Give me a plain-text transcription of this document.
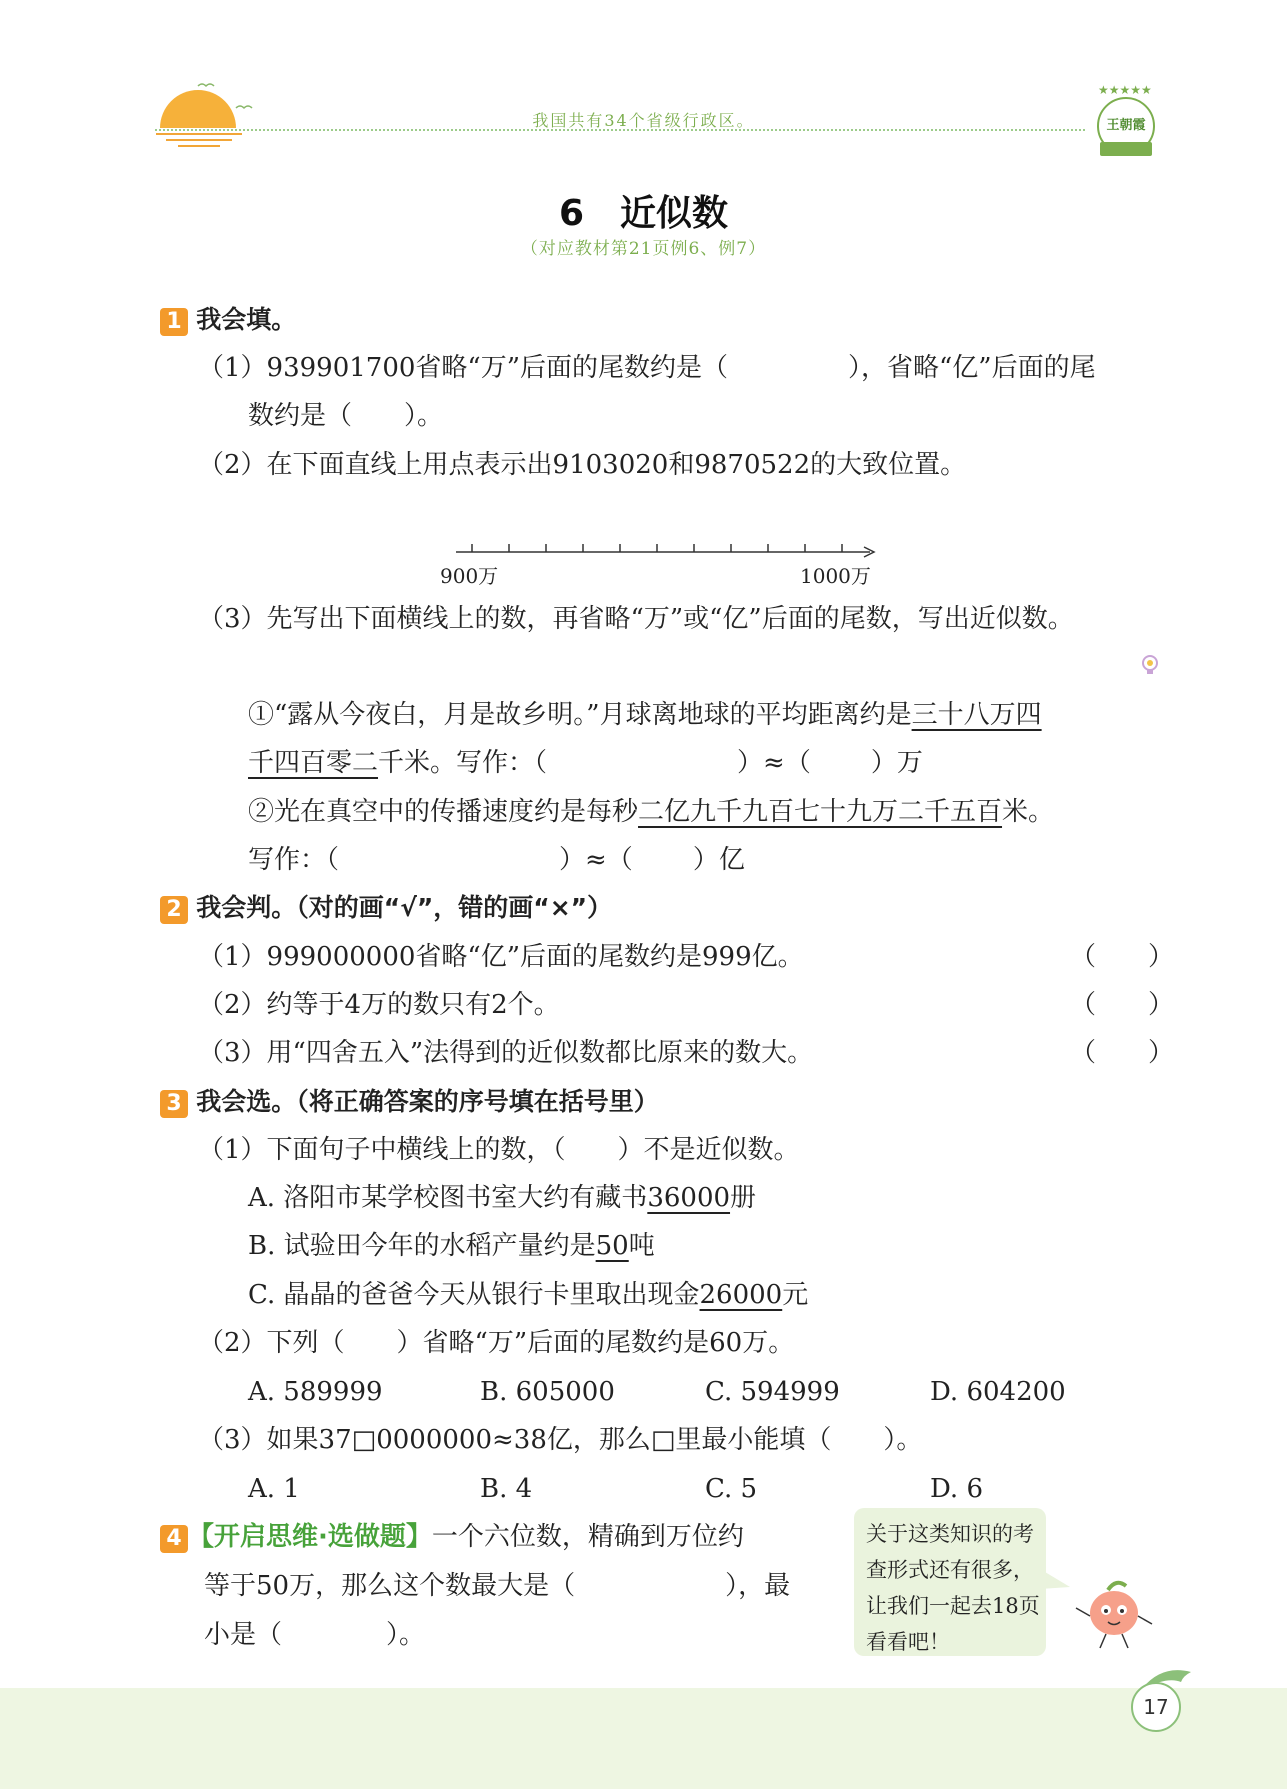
我国共有34个省级行政区。
★★★★★
王朝霞
6　近似数
（对应教材第21页例6、例7）
1 我会填。
（1）939901700省略“万”后面的尾数约是（	），省略“亿”后面的尾
数约是（　　）。
（2）在下面直线上用点表示出9103020和9870522的大致位置。
900万	1000万
（3）先写出下面横线上的数，再省略“万”或“亿”后面的尾数，写出近似数。
①“露从今夜白，月是故乡明。”月球离地球的平均距离约是三十八万四
千四百零二千米。写作：（	）≈（ ）万
②光在真空中的传播速度约是每秒二亿九千九百七十九万二千五百米。
写作：（	）≈（ ）亿
2 我会判。（对的画“√”，错的画“×”）
（1）999000000省略“亿”后面的尾数约是999亿。	（　　）
（2）约等于4万的数只有2个。	（　　）
（3）用“四舍五入”法得到的近似数都比原来的数大。	（　　）
3 我会选。（将正确答案的序号填在括号里）
（1）下面句子中横线上的数，（　　）不是近似数。
A. 洛阳市某学校图书室大约有藏书36000册
B. 试验田今年的水稻产量约是50吨
C. 晶晶的爸爸今天从银行卡里取出现金26000元
（2）下列（　　）省略“万”后面的尾数约是60万。
A. 589999	B. 605000	C. 594999	D. 604200
（3）如果37□0000000≈38亿，那么□里最小能填（　　）。
A. 1	B. 4	C. 5	D. 6
4 【开启思维·选做题】一个六位数，精确到万位约
等于50万，那么这个数最大是（	），最
小是（　　　　）。
关于这类知识的考查形式还有很多，让我们一起去18页看看吧！
17
